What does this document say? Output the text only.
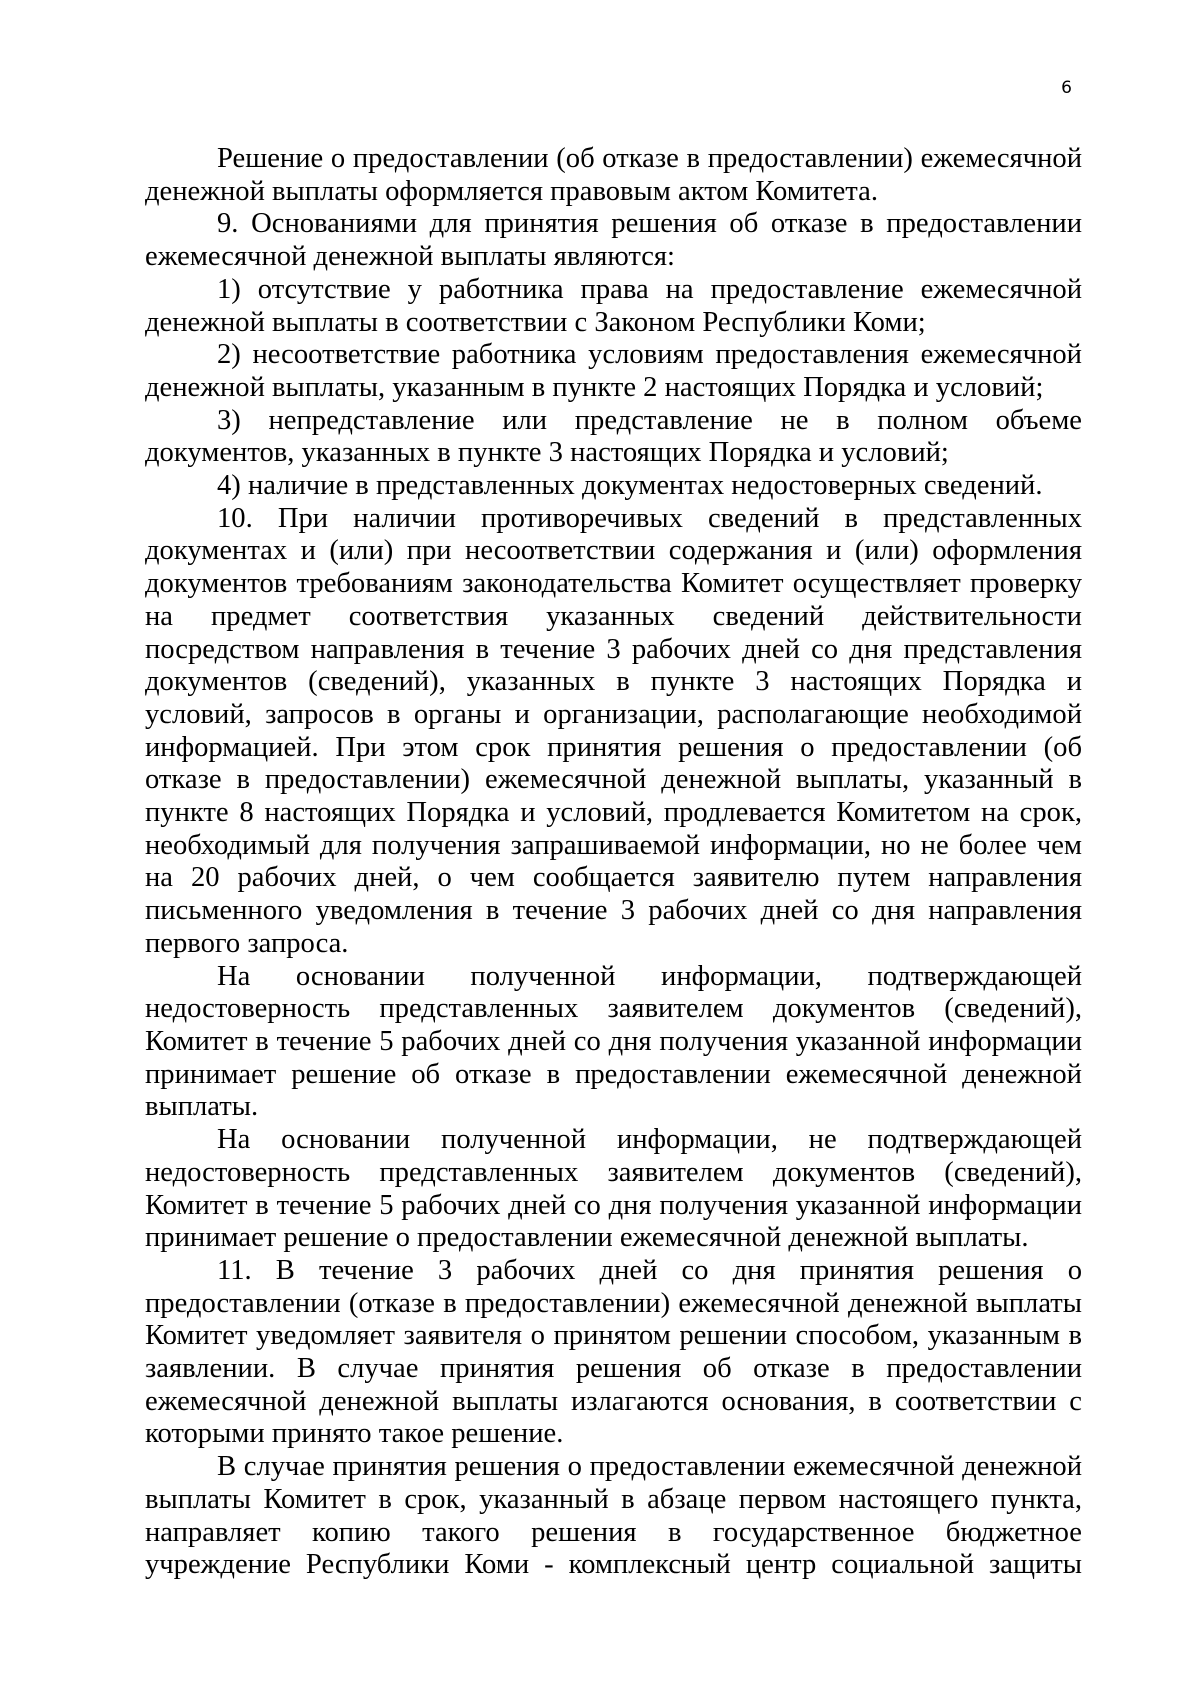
6

Решение о предоставлении (об отказе в предоставлении) ежемесячной денежной выплаты оформляется правовым актом Комитета.

9. Основаниями для принятия решения об отказе в предоставлении ежемесячной денежной выплаты являются:

1) отсутствие у работника права на предоставление ежемесячной денежной выплаты в соответствии с Законом Республики Коми;

2) несоответствие работника условиям предоставления ежемесячной денежной выплаты, указанным в пункте 2 настоящих Порядка и условий;

3) непредставление или представление не в полном объеме документов, указанных в пункте 3 настоящих Порядка и условий;

4) наличие в представленных документах недостоверных сведений.

10. При наличии противоречивых сведений в представленных документах и (или) при несоответствии содержания и (или) оформления документов требованиям законодательства Комитет осуществляет проверку на предмет соответствия указанных сведений действительности посредством направления в течение 3 рабочих дней со дня представления документов (сведений), указанных в пункте 3 настоящих Порядка и условий, запросов в органы и организации, располагающие необходимой информацией. При этом срок принятия решения о предоставлении (об отказе в предоставлении) ежемесячной денежной выплаты, указанный в пункте 8 настоящих Порядка и условий, продлевается Комитетом на срок, необходимый для получения запрашиваемой информации, но не более чем на 20 рабочих дней, о чем сообщается заявителю путем направления письменного уведомления в течение 3 рабочих дней со дня направления первого запроса.

На основании полученной информации, подтверждающей недостоверность представленных заявителем документов (сведений), Комитет в течение 5 рабочих дней со дня получения указанной информации принимает решение об отказе в предоставлении ежемесячной денежной выплаты.

На основании полученной информации, не подтверждающей недостоверность представленных заявителем документов (сведений), Комитет в течение 5 рабочих дней со дня получения указанной информации принимает решение о предоставлении ежемесячной денежной выплаты.

11. В течение 3 рабочих дней со дня принятия решения о предоставлении (отказе в предоставлении) ежемесячной денежной выплаты Комитет уведомляет заявителя о принятом решении способом, указанным в заявлении. В случае принятия решения об отказе в предоставлении ежемесячной денежной выплаты излагаются основания, в соответствии с которыми принято такое решение.

В случае принятия решения о предоставлении ежемесячной денежной выплаты Комитет в срок, указанный в абзаце первом настоящего пункта, направляет копию такого решения в государственное бюджетное учреждение Республики Коми - комплексный центр социальной защиты
